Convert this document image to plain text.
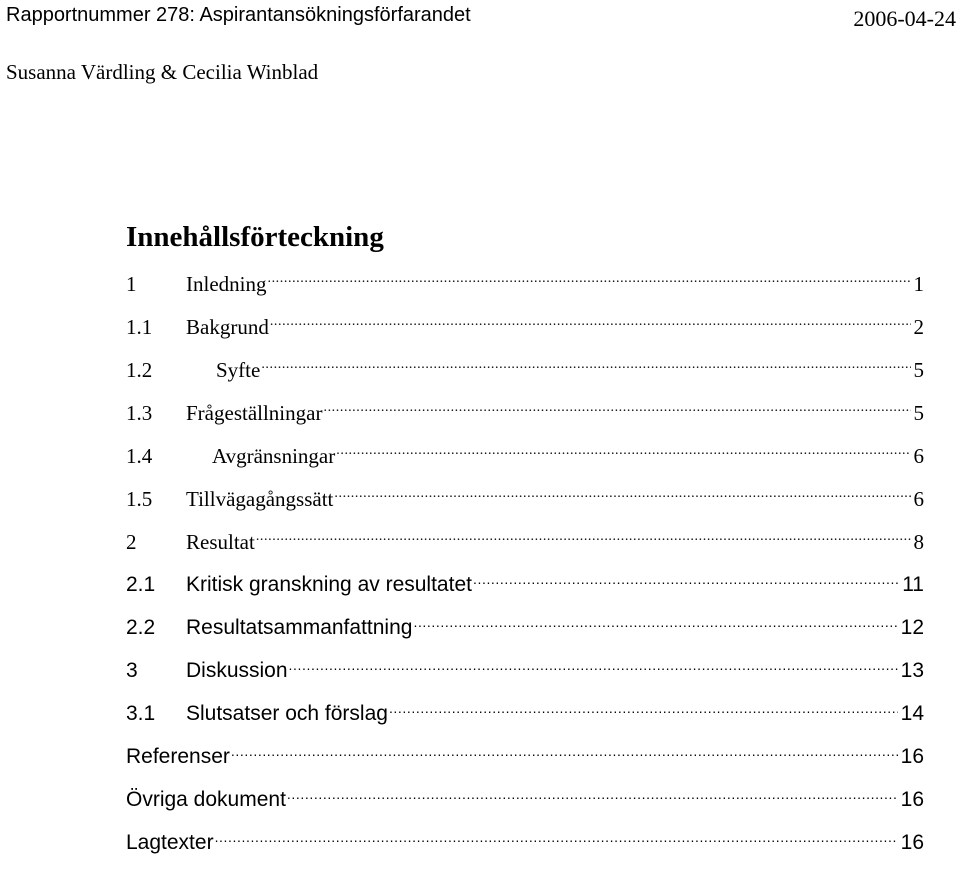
Rapportnummer 278: Aspirantansökningsförfarandet	2006-04-24
Susanna Värdling & Cecilia Winblad
Innehållsförteckning
1	Inledning .....	1
1.1	Bakgrund .....	2
1.2	Syfte .....	5
1.3	Frågeställningar .....	5
1.4	Avgränsningar .....	6
1.5	Tillvägagångssätt .....	6
2	Resultat .....	8
2.1	Kritisk granskning av resultatet .....	11
2.2	Resultatsammanfattning .....	12
3	Diskussion .....	13
3.1	Slutsatser och förslag .....	14
Referenser .....	16
Övriga dokument .....	16
Lagtexter .....	16
